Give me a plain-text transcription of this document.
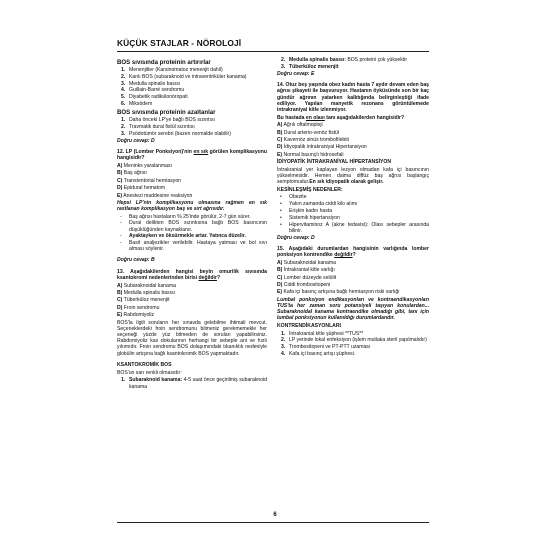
KÜÇÜK STAJLAR - NÖROLOJİ
BOS sıvısında proteinin artırırlar
1. Menenjitler (Karsinomatoz menenjit dahil)
2. Kanlı BOS (subaraknoid ve intraventriküler kanama)
3. Medulla spinalis basısı
4. Guillain-Barré sendromu
5. Diyabetik radikülonöropati
6. Miksödem
BOS sıvısında proteinin azaltanlar
1. Daha önceki LP'ye bağlı BOS sızıntısı
2. Travmatik dural fistül sızıntısı
3. Psödotümör serebri (bazen normalde olabilir)
Doğru cevap: D
12. LP (Lomber Ponksiyon)'nin en sık görülen komplikasyonu hangisidir?
A) Meninks yaralanması
B) Baş ağrısı
C) Transtentorial herniasyon
D) Epidural hematom
E) Anestezi maddesine reaksiyon
Hepsi LP'nin komplikasyonu olmasına rağmen en sık rastlanan komplikasyon baş ve sırt ağrısıdır.
-	Baş ağrısı hastaların % 25'inde görülür, 2-7 gün sürer.
-	Dural delikten BOS sızıntısına bağlı BOS basıncının düşüklüğünden kaynaklanır.
-	Ayaktayken ve öksürmekle artar. Yatınca düzelir.
-	Basit analjezikler verilebilir. Hastaya yatması ve bol sıvı alması söylenir.
Doğru cevap: B
13. Aşağıdakilerden hangisi beyin omurilik sıvısında ksantokromi nedenlerinden birisi değildir?
A) Subaraknoidal kanama
B) Medulla spinalis basısı
C) Tüberküloz menenjit
D) Froin sendromu
E) Rabdomiyoliz
BOS'la ilgili soruların her sınavda gelebilme ihtimali mevcut. Seçeneklerdeki froin sendromunu bilmeniz gerekmemekle her seçeneği yüzde yüz bilmeden de soruları yapabilirsiniz. Rabdomiyoliz kas dokularının herhangi bir sebeple ani ve hızlı yıkımıdır. Froin sendromu BOS dolaşımındaki tıkanıklık nedeniyle globülin artışına bağlı ksantokromik BOS yapmaktadır.
KSANTOKROMİK BOS
BOS'un sarı renkli olmasıdır:
1. Subaraknoid kanama: 4-5 saat önce geçirilmiş subaraknoid kanama
2. Medulla spinalis basısı: BOS proteini çok yüksektir
3. Tüberküloz menenjit
Doğru cevap: E
14. Otuz beş yaşında obez kadın hasta 7 aydır devam eden baş ağrısı şikayeti ile başvuruyor. Hastanın öyküsünde son bir kaç gündür ağrının yatarken kalktığında belirginleştiği ifade ediliyor. Yapılan manyetik rezonans görüntülemede intrakraniyal kitle izlenmiyor.
Bu hastada en olası tanı aşağıdakilerden hangisidir?
A) Ağrılı oftalmopleji
B) Dural arterio-venöz fistül
C) Kavernöz sinüs trombofilebiti
D) İdiyopatik intrakraniyal Hipertansiyon
E) Normal basınçlı hidrosefali
İDİYOPATİK İNTRAKRANİYAL HİPERTANSİYON
İntrakranial yer kaplayan lezyon olmadan kafa içi basıncının yükselmesidir. Hemen daima diffüz baş ağrısı başlangıç semptomudur.En sık idiyopatik olarak gelişir.
KESİNLEŞMİŞ NEDENLER:
•	Obezite
•	Yakın zamanda ciddi kilo alımı
•	Erişkin kadın hasta
•	Sistemik hipertansiyon
•	Hipervitaminoz A (akne tedavisi): Olası sebepler arasında bilinir.
Doğru cevap: D
15. Aşağıdaki durumlardan hangisinin varlığında lomber ponksiyon kontrendike değildir?
A) Subaraknoidal kanama
B) İntrakranial kitle varlığı
C) Lomber düzeyde selülit
D) Ciddi trombositopeni
E) Kafa içi basınç artışına bağlı herniasyon riski varlığı
Lumbal ponksiyon endikasyonları ve kontraendikasyonları TUS'ta her zaman soru potansiyeli taşıyan konulardan... Subaraknoidal kanama kontraendike olmadığı gibi, tanı için lumbal ponksiyonun kullanıldığı durumlardandır.
KONTRENDİKASYONLARI
1. İntrakranial kitle şüphesi **TUS**
2. LP yerinde lokal enfeksiyon (işlem mutlaka steril yapılmalıdır)
3. Trombositopeni ve PT-PTT uzaması
4. Kafa içi basınç artışı şüphesi.
6
